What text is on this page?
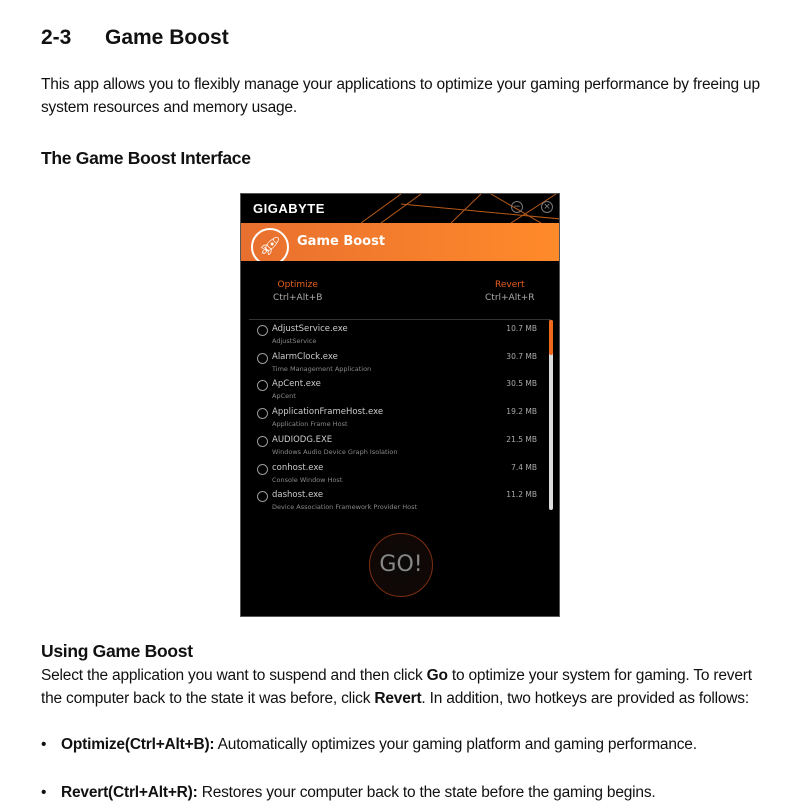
2-3 Game Boost
This app allows you to flexibly manage your applications to optimize your gaming performance by freeing up system resources and memory usage.
The Game Boost Interface
GIGABYTE	− ×
🚀︎	Game Boost
Optimize
Ctrl+Alt+B
Revert
Ctrl+Alt+R
AdjustService.exe
AdjustService
10.7 MB
AlarmClock.exe
Time Management Application
30.7 MB
ApCent.exe
ApCent
30.5 MB
ApplicationFrameHost.exe
Application Frame Host
19.2 MB
AUDIODG.EXE
Windows Audio Device Graph Isolation
21.5 MB
conhost.exe
Console Window Host
7.4 MB
dashost.exe
Device Association Framework Provider Host
11.2 MB
GO!
Using Game Boost
Select the application you want to suspend and then click Go to optimize your system for gaming. To revert the computer back to the state it was before, click Revert. In addition, two hotkeys are provided as follows:
• Optimize(Ctrl+Alt+B): Automatically optimizes your gaming platform and gaming performance.
• Revert(Ctrl+Alt+R): Restores your computer back to the state before the gaming begins.
